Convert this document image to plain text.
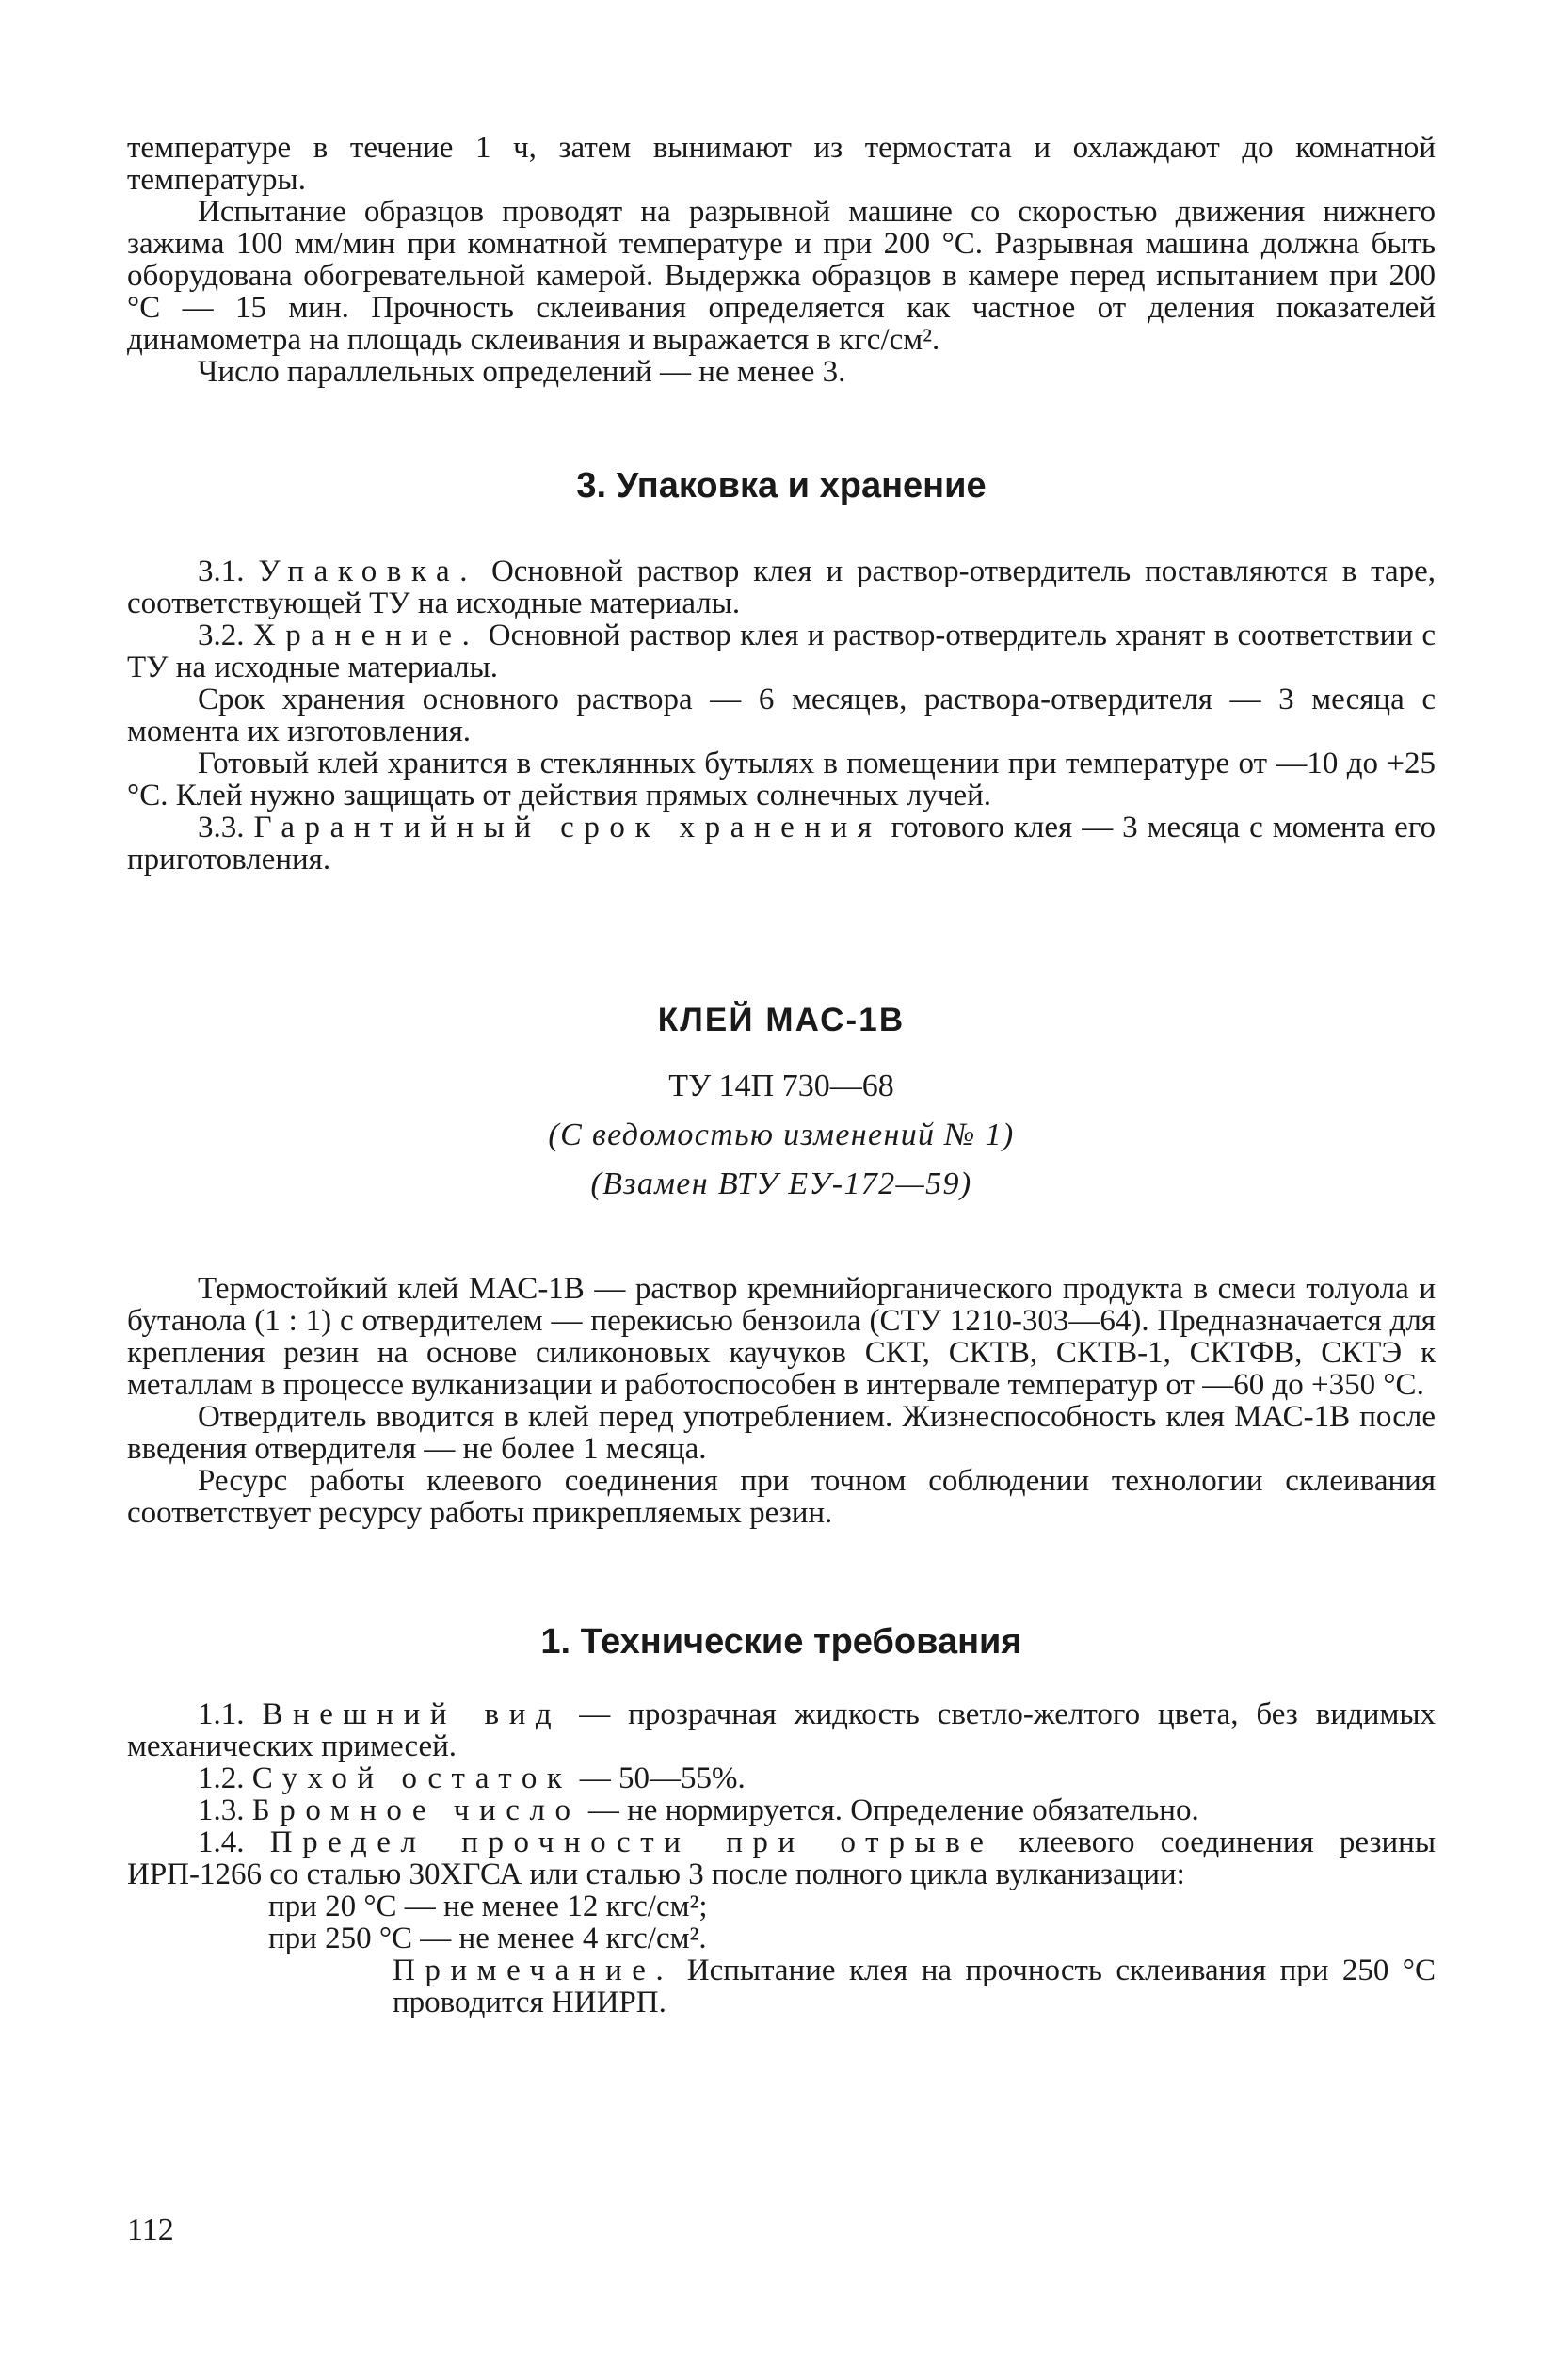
температуре в течение 1 ч, затем вынимают из термостата и охлаждают до комнатной температуры.

Испытание образцов проводят на разрывной машине со скоростью движения нижнего зажима 100 мм/мин при комнатной температуре и при 200 °С. Разрывная машина должна быть оборудована обогревательной камерой. Выдержка образцов в камере перед испытанием при 200 °С — 15 мин. Прочность склеивания определяется как частное от деления показателей динамометра на площадь склеивания и выражается в кгс/см².

Число параллельных определений — не менее 3.

3. Упаковка и хранение

3.1. Упаковка. Основной раствор клея и раствор-отвердитель поставляются в таре, соответствующей ТУ на исходные материалы.

3.2. Хранение. Основной раствор клея и раствор-отвердитель хранят в соответствии с ТУ на исходные материалы.

Срок хранения основного раствора — 6 месяцев, раствора-отвердителя — 3 месяца с момента их изготовления.

Готовый клей хранится в стеклянных бутылях в помещении при температуре от —10 до +25 °С. Клей нужно защищать от действия прямых солнечных лучей.

3.3. Гарантийный срок хранения готового клея — 3 месяца с момента его приготовления.

КЛЕЙ МАС-1В

ТУ 14П 730—68

(С ведомостью изменений № 1)

(Взамен ВТУ ЕУ-172—59)

Термостойкий клей МАС-1В — раствор кремнийорганического продукта в смеси толуола и бутанола (1 : 1) с отвердителем — перекисью бензоила (СТУ 1210-303—64). Предназначается для крепления резин на основе силиконовых каучуков СКТ, СКТВ, СКТВ-1, СКТФВ, СКТЭ к металлам в процессе вулканизации и работоспособен в интервале температур от —60 до +350 °С.

Отвердитель вводится в клей перед употреблением. Жизнеспособность клея МАС-1В после введения отвердителя — не более 1 месяца.

Ресурс работы клеевого соединения при точном соблюдении технологии склеивания соответствует ресурсу работы прикрепляемых резин.

1. Технические требования

1.1. Внешний вид — прозрачная жидкость светло-желтого цвета, без видимых механических примесей.

1.2. Сухой остаток — 50—55%.

1.3. Бромное число — не нормируется. Определение обязательно.

1.4. Предел прочности при отрыве клеевого соединения резины ИРП-1266 со сталью 30ХГСА или сталью 3 после полного цикла вулканизации:

при 20 °С — не менее 12 кгс/см²;

при 250 °С — не менее 4 кгс/см².

Примечание. Испытание клея на прочность склеивания при 250 °С проводится НИИРП.

112
